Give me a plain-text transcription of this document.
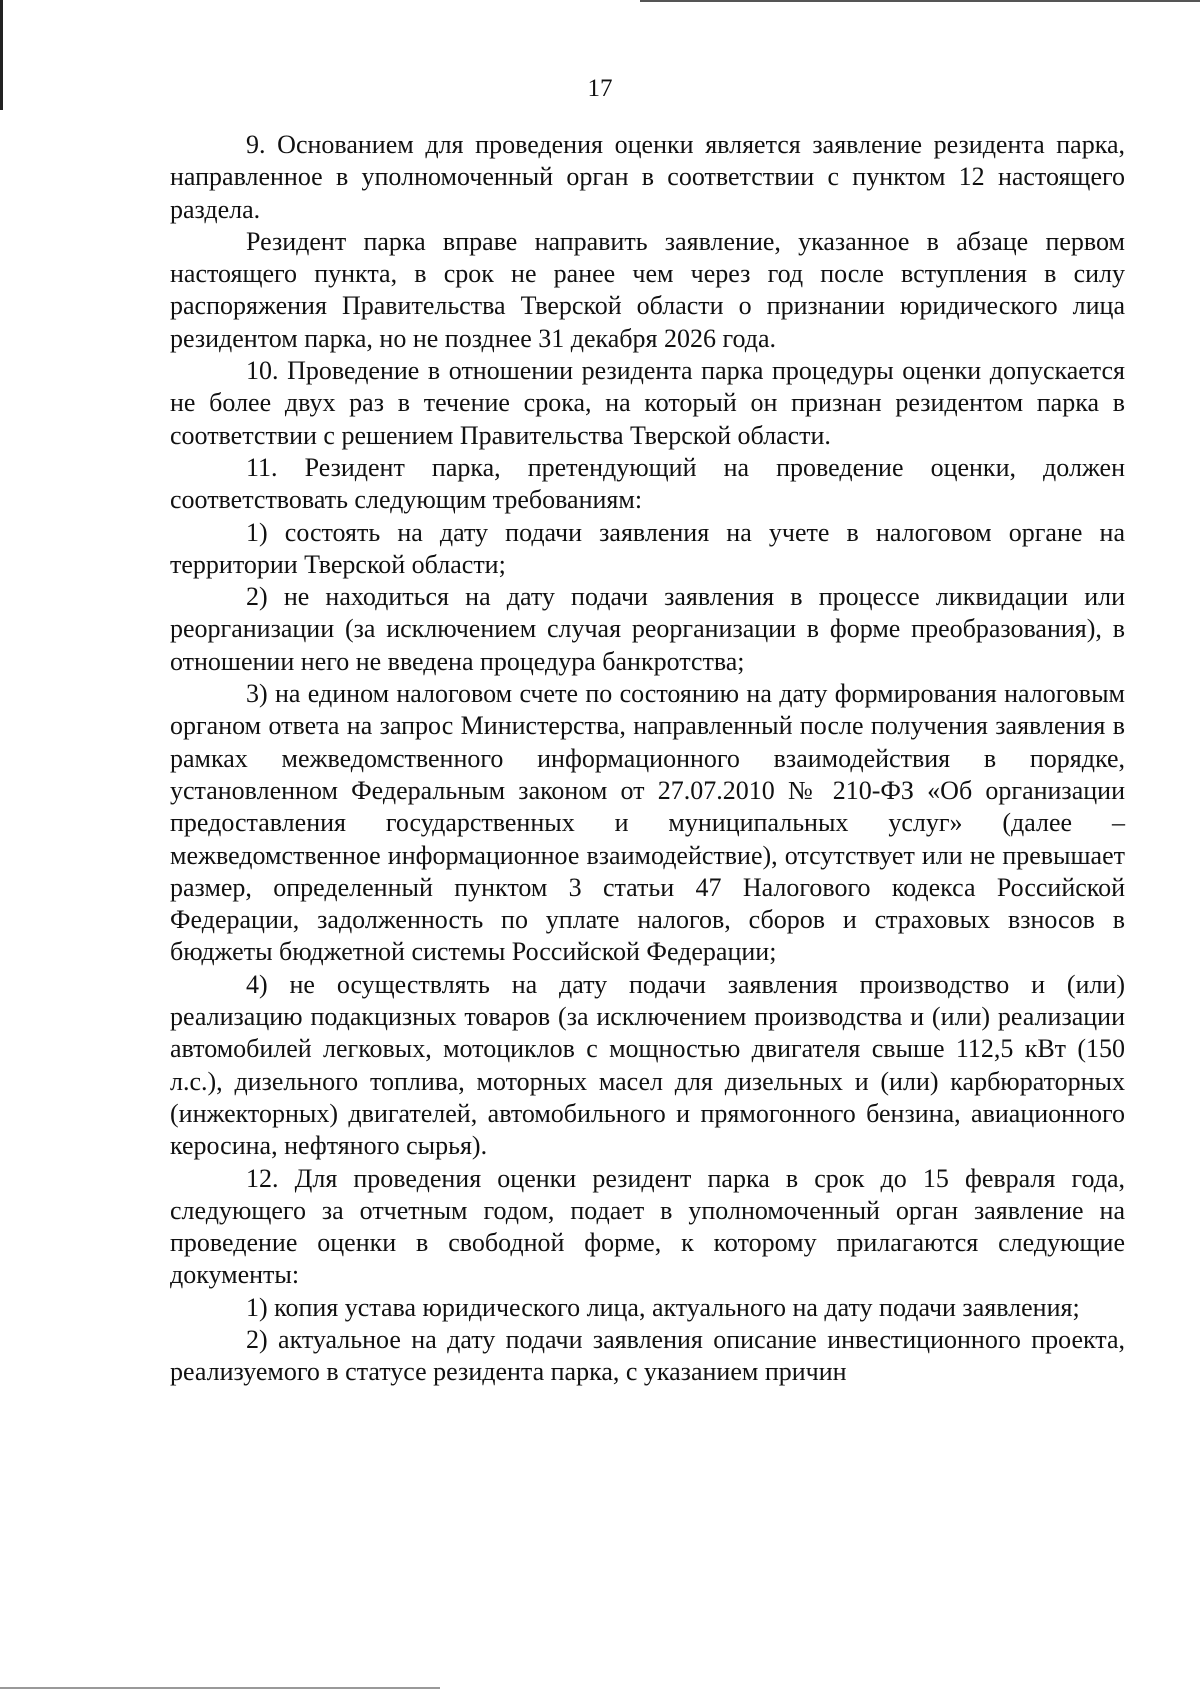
17

9. Основанием для проведения оценки является заявление резидента парка, направленное в уполномоченный орган в соответствии с пунктом 12 настоящего раздела.

Резидент парка вправе направить заявление, указанное в абзаце первом настоящего пункта, в срок не ранее чем через год после вступления в силу распоряжения Правительства Тверской области о признании юридического лица резидентом парка, но не позднее 31 декабря 2026 года.

10. Проведение в отношении резидента парка процедуры оценки допускается не более двух раз в течение срока, на который он признан резидентом парка в соответствии с решением Правительства Тверской области.

11. Резидент парка, претендующий на проведение оценки, должен соответствовать следующим требованиям:

1) состоять на дату подачи заявления на учете в налоговом органе на территории Тверской области;

2) не находиться на дату подачи заявления в процессе ликвидации или реорганизации (за исключением случая реорганизации в форме преобразования), в отношении него не введена процедура банкротства;

3) на едином налоговом счете по состоянию на дату формирования налоговым органом ответа на запрос Министерства, направленный после получения заявления в рамках межведомственного информационного взаимодействия в порядке, установленном Федеральным законом от 27.07.2010 № 210-ФЗ «Об организации предоставления государственных и муниципальных услуг» (далее – межведомственное информационное взаимодействие), отсутствует или не превышает размер, определенный пунктом 3 статьи 47 Налогового кодекса Российской Федерации, задолженность по уплате налогов, сборов и страховых взносов в бюджеты бюджетной системы Российской Федерации;

4) не осуществлять на дату подачи заявления производство и (или) реализацию подакцизных товаров (за исключением производства и (или) реализации автомобилей легковых, мотоциклов с мощностью двигателя свыше 112,5 кВт (150 л.с.), дизельного топлива, моторных масел для дизельных и (или) карбюраторных (инжекторных) двигателей, автомобильного и прямогонного бензина, авиационного керосина, нефтяного сырья).

12. Для проведения оценки резидент парка в срок до 15 февраля года, следующего за отчетным годом, подает в уполномоченный орган заявление на проведение оценки в свободной форме, к которому прилагаются следующие документы:

1) копия устава юридического лица, актуального на дату подачи заявления;

2) актуальное на дату подачи заявления описание инвестиционного проекта, реализуемого в статусе резидента парка, с указанием причин
